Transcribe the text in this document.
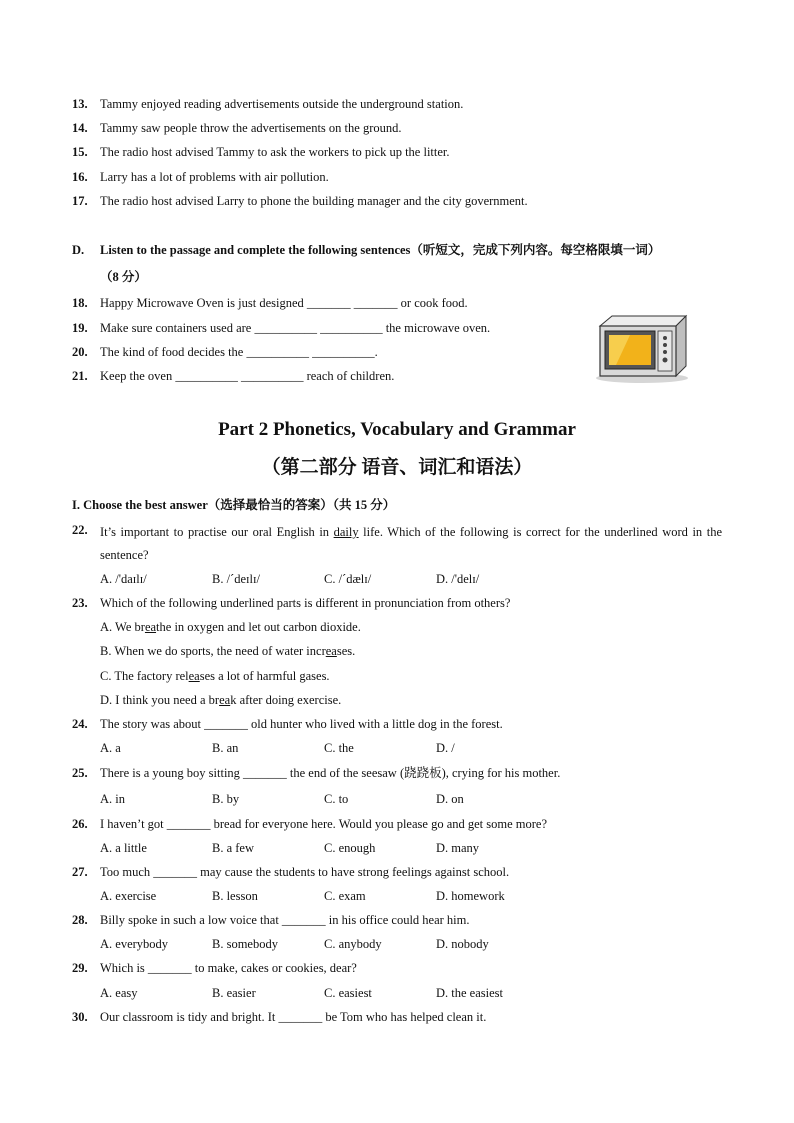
13. Tammy enjoyed reading advertisements outside the underground station.
14. Tammy saw people throw the advertisements on the ground.
15. The radio host advised Tammy to ask the workers to pick up the litter.
16. Larry has a lot of problems with air pollution.
17. The radio host advised Larry to phone the building manager and the city government.
D. Listen to the passage and complete the following sentences（听短文，完成下列内容。每空格限填一词）
（8 分）
18. Happy Microwave Oven is just designed _______ _______ or cook food.
19. Make sure containers used are __________ __________ the microwave oven.
20. The kind of food decides the __________ __________.
21. Keep the oven __________ __________ reach of children.
Part 2 Phonetics, Vocabulary and Grammar
（第二部分 语音、词汇和语法）
I. Choose the best answer（选择最恰当的答案）（共 15 分）
22. It’s important to practise our oral English in daily life. Which of the following is correct for the underlined word in the sentence?
A. /'daɪlɪ/	B. /ˊdeɪlɪ/	C. /ˊdælɪ/	D. /'delɪ/
23. Which of the following underlined parts is different in pronunciation from others?
A. We breathe in oxygen and let out carbon dioxide.
B. When we do sports, the need of water increases.
C. The factory releases a lot of harmful gases.
D. I think you need a break after doing exercise.
24. The story was about _______ old hunter who lived with a little dog in the forest.
A. a	B. an	C. the	D. /
25. There is a young boy sitting _______ the end of the seesaw (跷跷板), crying for his mother.
A. in	B. by	C. to	D. on
26. I haven’t got _______ bread for everyone here. Would you please go and get some more?
A. a little	B. a few	C. enough	D. many
27. Too much _______ may cause the students to have strong feelings against school.
A. exercise	B. lesson	C. exam	D. homework
28. Billy spoke in such a low voice that _______ in his office could hear him.
A. everybody	B. somebody	C. anybody	D. nobody
29. Which is _______ to make, cakes or cookies, dear?
A. easy	B. easier	C. easiest	D. the easiest
30. Our classroom is tidy and bright. It _______ be Tom who has helped clean it.
